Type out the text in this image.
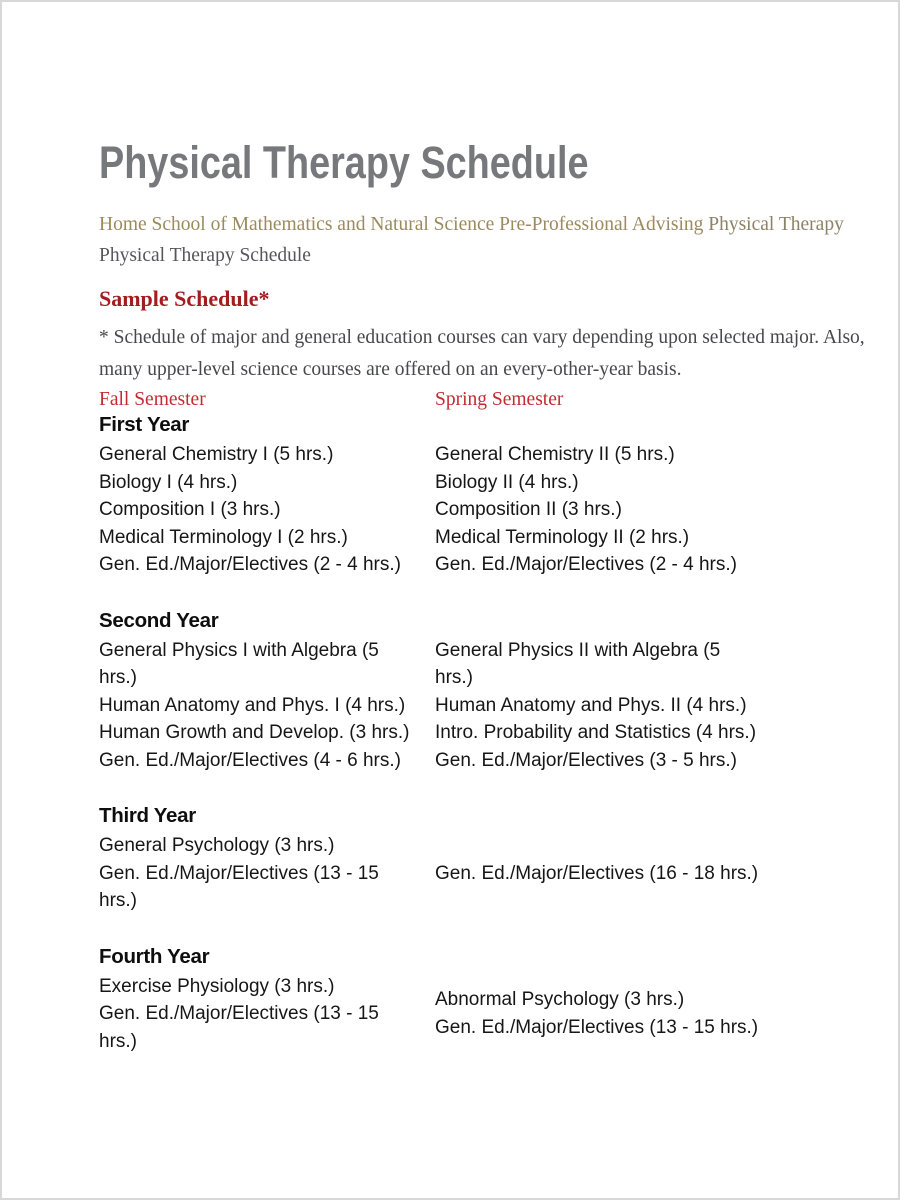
Physical Therapy Schedule
Home School of Mathematics and Natural Science Pre-Professional Advising Physical Therapy
Physical Therapy Schedule
Sample Schedule*

* Schedule of major and general education courses can vary depending upon selected major. Also, many upper-level science courses are offered on an every-other-year basis.

Fall Semester	Spring Semester
First Year
General Chemistry I (5 hrs.)
Biology I (4 hrs.)
Composition I (3 hrs.)
Medical Terminology I (2 hrs.)
Gen. Ed./Major/Electives (2 - 4 hrs.)
General Chemistry II (5 hrs.)
Biology II (4 hrs.)
Composition II (3 hrs.)
Medical Terminology II (2 hrs.)
Gen. Ed./Major/Electives (2 - 4 hrs.)
Second Year
General Physics I with Algebra (5 hrs.)
Human Anatomy and Phys. I (4 hrs.)
Human Growth and Develop. (3 hrs.)
Gen. Ed./Major/Electives (4 - 6 hrs.)
General Physics II with Algebra (5 hrs.)
Human Anatomy and Phys. II (4 hrs.)
Intro. Probability and Statistics (4 hrs.)
Gen. Ed./Major/Electives (3 - 5 hrs.)
Third Year
General Psychology (3 hrs.)
Gen. Ed./Major/Electives (13 - 15 hrs.)
Gen. Ed./Major/Electives (16 - 18 hrs.)
Fourth Year
Exercise Physiology (3 hrs.)
Gen. Ed./Major/Electives (13 - 15 hrs.)
Abnormal Psychology (3 hrs.)
Gen. Ed./Major/Electives (13 - 15 hrs.)
